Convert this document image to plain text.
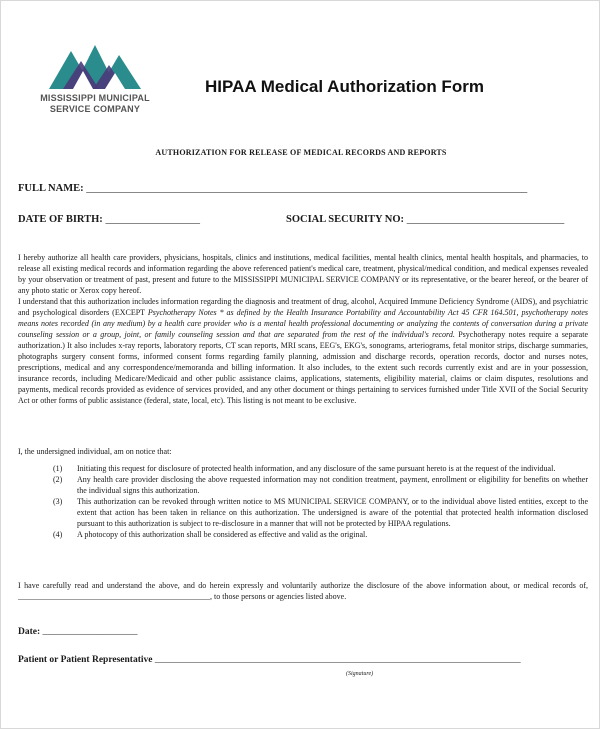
MISSISSIPPI MUNICIPAL
SERVICE COMPANY
HIPAA Medical Authorization Form
AUTHORIZATION FOR RELEASE OF MEDICAL RECORDS AND REPORTS
FULL NAME: ____________________________________________________________________________________
DATE OF BIRTH: __________________	SOCIAL SECURITY NO: ______________________________
I hereby authorize all health care providers, physicians, hospitals, clinics and institutions, medical facilities, mental health clinics, mental health hospitals, and pharmacies, to release all existing medical records and information regarding the above referenced patient's medical care, treatment, physical/medical condition, and medical expenses revealed by your observation or treatment of past, present and future to the MISSISSIPPI MUNICIPAL SERVICE COMPANY or its representative, or the bearer hereof, or the bearer of any photo static or Xerox copy hereof.
I understand that this authorization includes information regarding the diagnosis and treatment of drug, alcohol, Acquired Immune Deficiency Syndrome (AIDS), and psychiatric and psychological disorders (EXCEPT Psychotherapy Notes * as defined by the Health Insurance Portability and Accountability Act 45 CFR 164.501, psychotherapy notes means notes recorded (in any medium) by a health care provider who is a mental health professional documenting or analyzing the contents of conversation during a private counseling session or a group, joint, or family counseling session and that are separated from the rest of the individual's record. Psychotherapy notes require a separate authorization.) It also includes x-ray reports, laboratory reports, CT scan reports, MRI scans, EEG's, EKG's, sonograms, arteriograms, fetal monitor strips, discharge summaries, photographs surgery consent forms, informed consent forms regarding family planning, admission and discharge records, operation records, doctor and nurses notes, prescriptions, medical and any correspondence/memoranda and billing information. It also includes, to the extent such records currently exist and are in your possession, insurance records, including Medicare/Medicaid and other public assistance claims, applications, statements, eligibility material, claims or claim disputes, resolutions and payments, medical records provided as evidence of services provided, and any other document or things pertaining to services furnished under Title XVII of the Social Security Act or other forms of public assistance (federal, state, local, etc). This listing is not meant to be exclusive.
I, the undersigned individual, am on notice that:
(1) Initiating this request for disclosure of protected health information, and any disclosure of the same pursuant hereto is at the request of the individual.
(2) Any health care provider disclosing the above requested information may not condition treatment, payment, enrollment or eligibility for benefits on whether the individual signs this authorization.
(3) This authorization can be revoked through written notice to MS MUNICIPAL SERVICE COMPANY, or to the individual above listed entities, except to the extent that action has been taken in reliance on this authorization. The undersigned is aware of the potential that protected health information disclosed pursuant to this authorization is subject to re-disclosure in a manner that will not be protected by HIPAA regulations.
(4) A photocopy of this authorization shall be considered as effective and valid as the original.
I have carefully read and understand the above, and do herein expressly and voluntarily authorize the disclosure of the above information about, or medical records of, ________________________________________________, to those persons or agencies listed above.
Date: ____________________
Patient or Patient Representative _____________________________________________________________________________
(Signature)
